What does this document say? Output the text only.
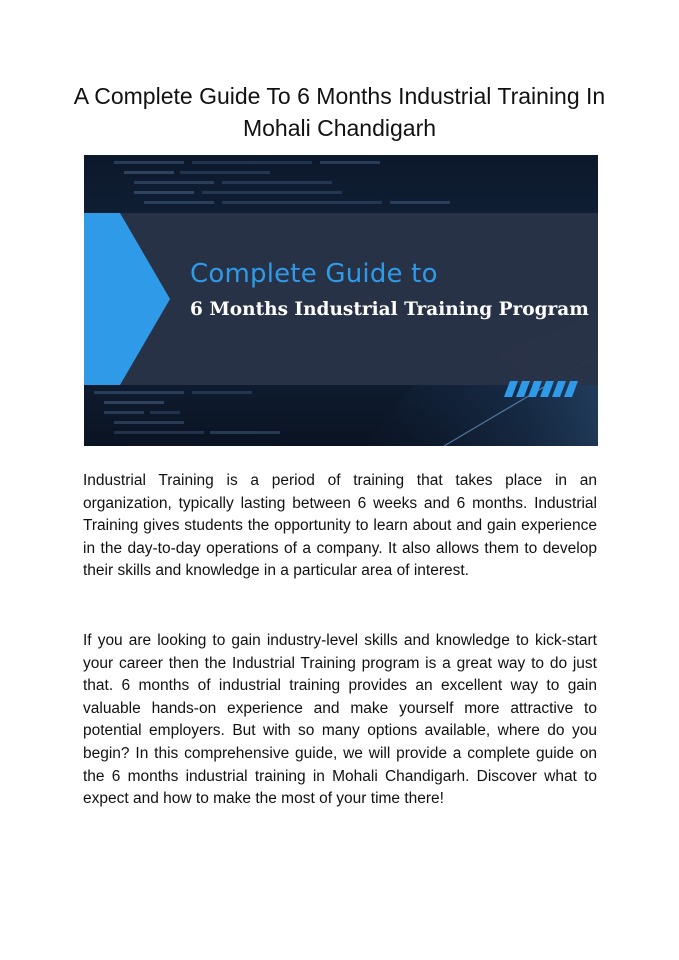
A Complete Guide To 6 Months Industrial Training In Mohali Chandigarh
Complete Guide to
6 Months Industrial Training Program

Industrial Training is a period of training that takes place in an organization, typically lasting between 6 weeks and 6 months. Industrial Training gives students the opportunity to learn about and gain experience in the day-to-day operations of a company. It also allows them to develop their skills and knowledge in a particular area of interest.

If you are looking to gain industry-level skills and knowledge to kick-start your career then the Industrial Training program is a great way to do just that. 6 months of industrial training provides an excellent way to gain valuable hands-on experience and make yourself more attractive to potential employers. But with so many options available, where do you begin? In this comprehensive guide, we will provide a complete guide on the 6 months industrial training in Mohali Chandigarh. Discover what to expect and how to make the most of your time there!
